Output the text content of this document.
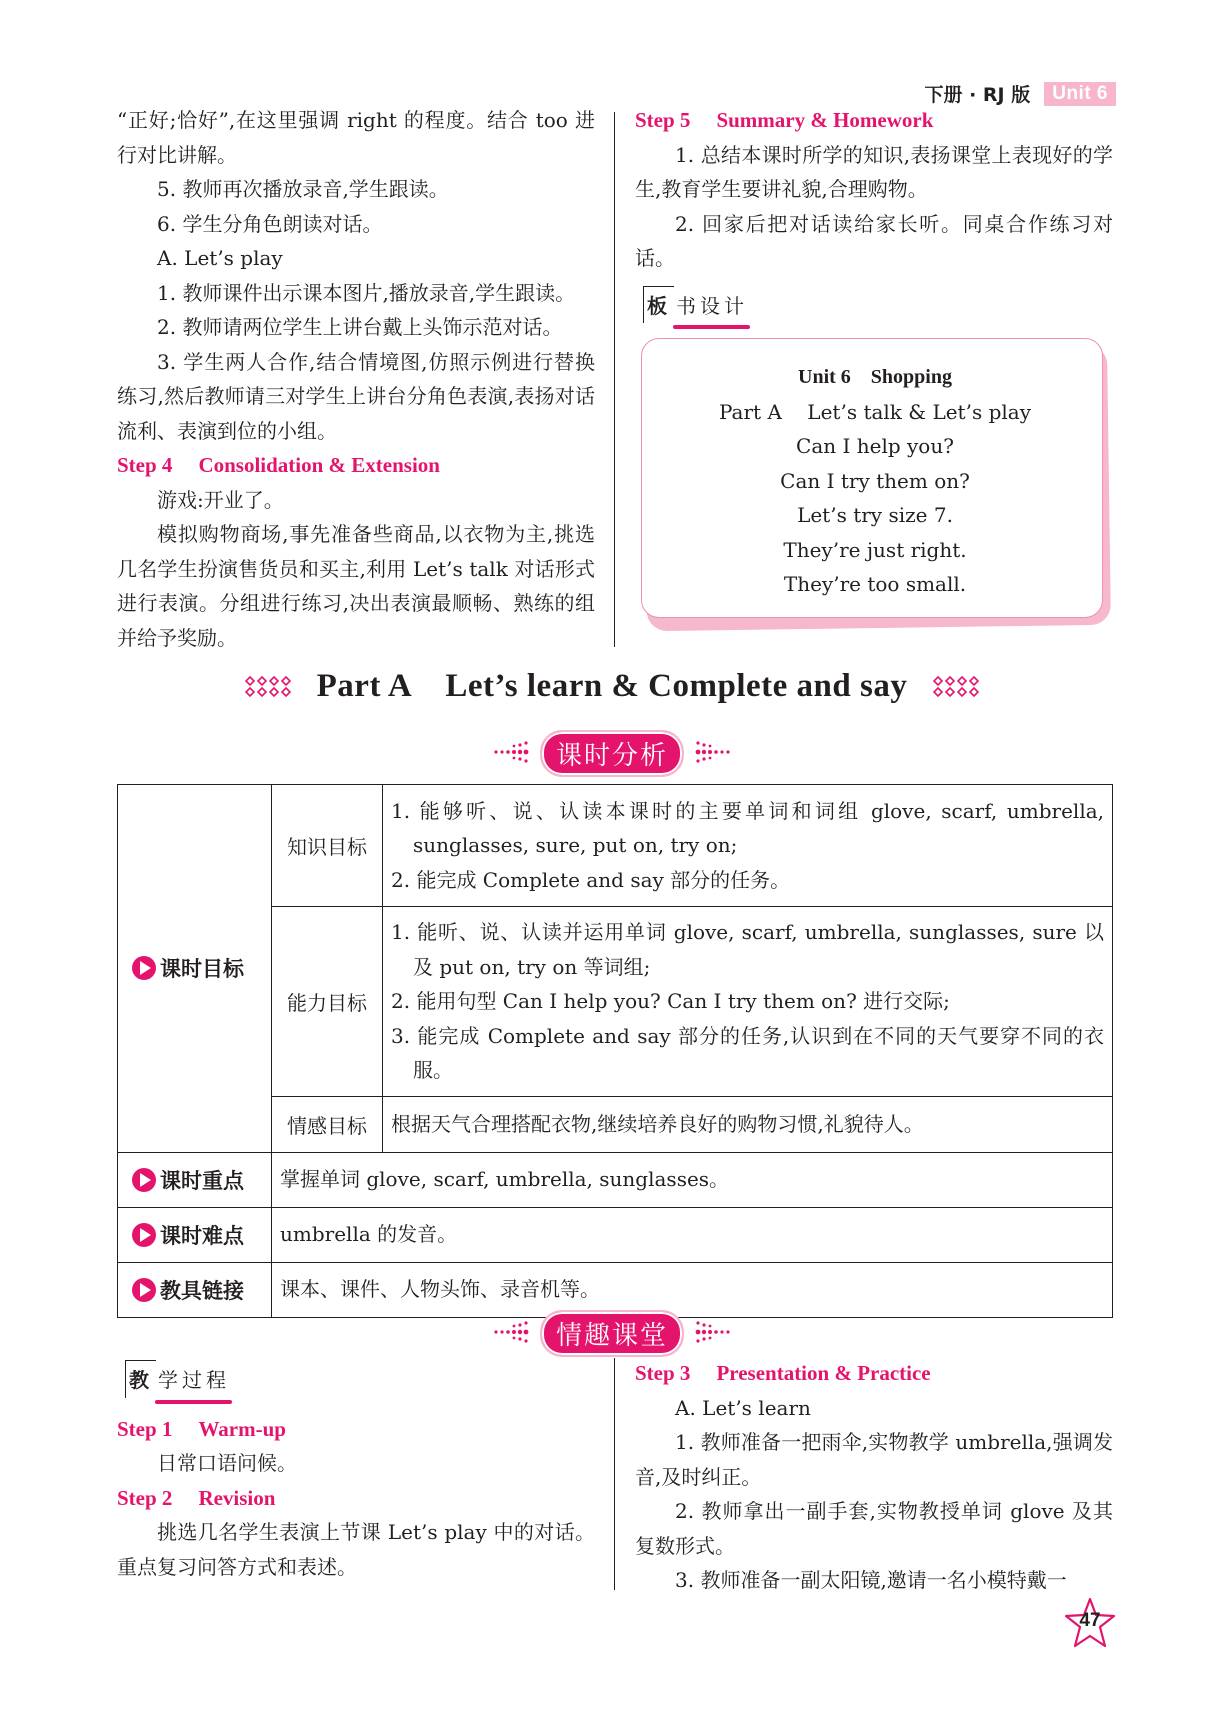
下册 · RJ 版	Unit 6

“正好;恰好”,在这里强调 right 的程度。结合 too 进行对比讲解。

5. 教师再次播放录音,学生跟读。

6. 学生分角色朗读对话。

A. Let’s play

1. 教师课件出示课本图片,播放录音,学生跟读。

2. 教师请两位学生上讲台戴上头饰示范对话。

3. 学生两人合作,结合情境图,仿照示例进行替换练习,然后教师请三对学生上讲台分角色表演,表扬对话流利、表演到位的小组。

Step 4 Consolidation & Extension

游戏:开业了。

模拟购物商场,事先准备些商品,以衣物为主,挑选几名学生扮演售货员和买主,利用 Let’s talk 对话形式进行表演。分组进行练习,决出表演最顺畅、熟练的组并给予奖励。

Step 5 Summary & Homework

1. 总结本课时所学的知识,表扬课堂上表现好的学生,教育学生要讲礼貌,合理购物。

2. 回家后把对话读给家长听。同桌合作练习对话。

板 书设计

Unit 6    Shopping

Part A    Let’s talk & Let’s play

Can I help you?

Can I try them on?

Let’s try size 7.

They’re just right.

They’re too small.

Part A    Let’s learn & Complete and say
课时分析
课时目标	知识目标	1. 能够听、说、认读本课时的主要单词和词组 glove, scarf, umbrella, sunglasses, sure, put on, try on;
2. 能完成 Complete and say 部分的任务。

	能力目标	1. 能听、说、认读并运用单词 glove, scarf, umbrella, sunglasses, sure 以及 put on, try on 等词组;
2. 能用句型 Can I help you? Can I try them on? 进行交际;
3. 能完成 Complete and say 部分的任务,认识到在不同的天气要穿不同的衣服。

	情感目标	根据天气合理搭配衣物,继续培养良好的购物习惯,礼貌待人。
课时重点	掌握单词 glove, scarf, umbrella, sunglasses。	
课时难点	umbrella 的发音。	
教具链接	课本、课件、人物头饰、录音机等。	
情趣课堂
教 学过程

Step 1 Warm-up

日常口语问候。

Step 2 Revision

挑选几名学生表演上节课 Let’s play 中的对话。重点复习问答方式和表述。

Step 3 Presentation & Practice

A. Let’s learn

1. 教师准备一把雨伞,实物教学 umbrella,强调发音,及时纠正。

2. 教师拿出一副手套,实物教授单词 glove 及其复数形式。

3. 教师准备一副太阳镜,邀请一名小模特戴一

47
